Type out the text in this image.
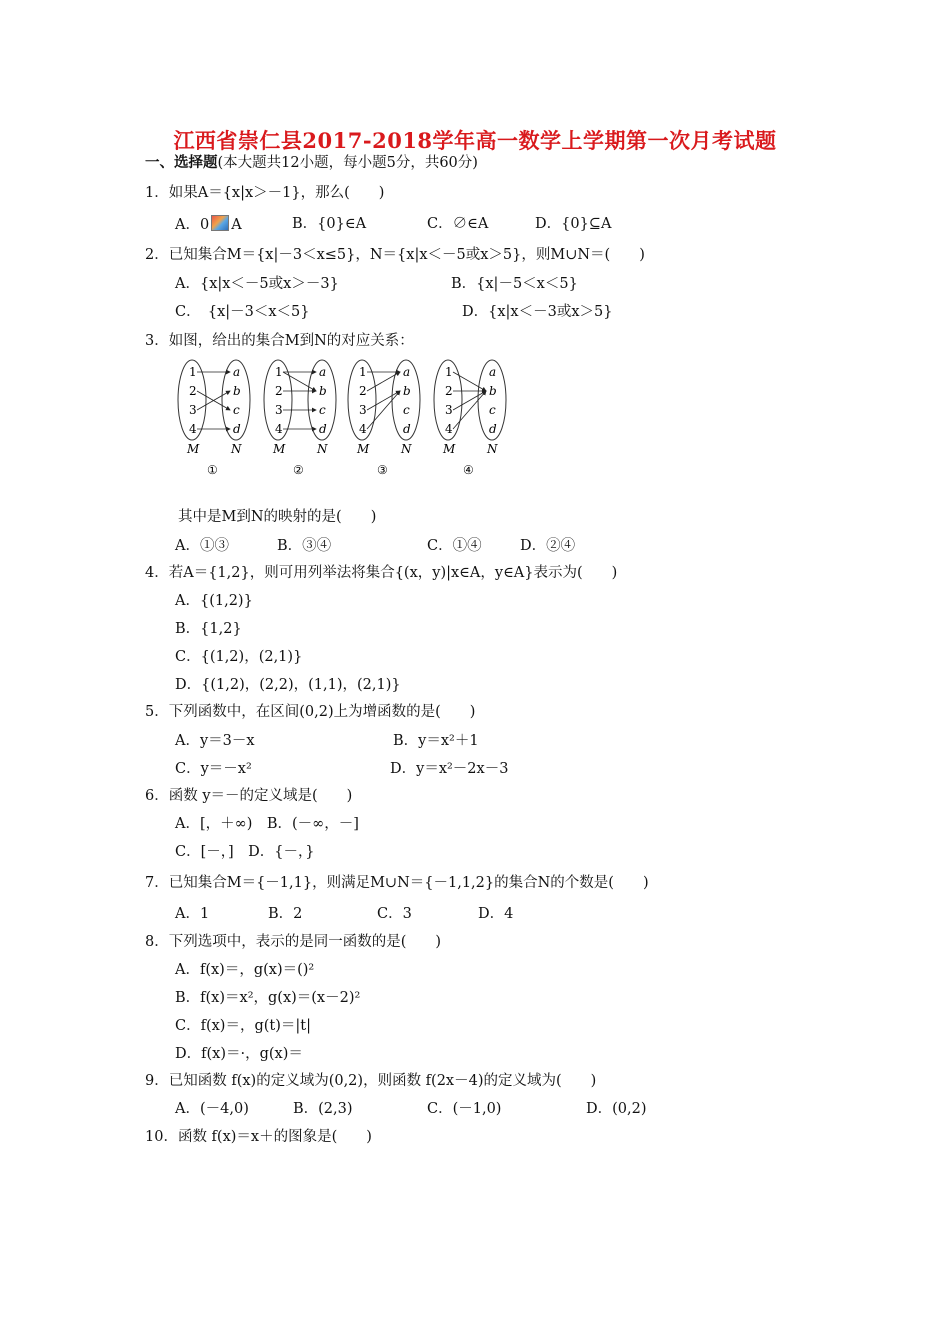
江西省崇仁县2017-2018学年高一数学上学期第一次月考试题
一、选择题(本大题共12小题，每小题5分，共60分)
1．如果A＝{x|x＞－1}，那么(　　)
A．0 A	B．{0}∈A	C．∅∈A	D．{0}⊆A
2．已知集合M＝{x|－3＜x≤5}，N＝{x|x＜－5或x＞5}，则M∪N＝(　　)
A．{x|x＜－5或x＞－3}	B．{x|－5＜x＜5}
C．　{x|－3＜x＜5}	D．{x|x＜－3或x＞5}
3．如图，给出的集合M到N的对应关系：
1
2
3
4
a
b
c
d
M	N
①
1
2
3
4
a
b
c
d
M	N
②
1
2
3
4
a
b
c
d
M	N
③
1
2
3
4
a
b
c
d
M	N
④
其中是M到N的映射的是(　　)
A．①③	B．③④	C．①④	D．②④
4．若A＝{1,2}，则可用列举法将集合{(x，y)|x∈A，y∈A}表示为(　　)
A．{(1,2)}
B．{1,2}
C．{(1,2)，(2,1)}
D．{(1,2)，(2,2)，(1,1)，(2,1)}
5．下列函数中，在区间(0,2)上为增函数的是(　　)
A．y＝3－x	B．y＝x²＋1
C．y＝－x²	D．y＝x²－2x－3
6．函数 y＝－的定义域是(　　)
A．[，＋∞)　B．(－∞，－]
C．[－，]　D．{－，}
7．已知集合M＝{－1,1}，则满足M∪N＝{－1,1,2}的集合N的个数是(　　)
A．1	B．2	C．3	D．4
8．下列选项中，表示的是同一函数的是(　　)
A．f(x)＝，g(x)＝()²
B．f(x)＝x²，g(x)＝(x－2)²
C．f(x)＝，g(t)＝|t|
D．f(x)＝·，g(x)＝
9．已知函数 f(x)的定义域为(0,2)，则函数 f(2x－4)的定义域为(　　)
A．(－4,0)	B．(2,3)	C．(－1,0)	D．(0,2)
10．函数 f(x)＝x＋的图象是(　　)
